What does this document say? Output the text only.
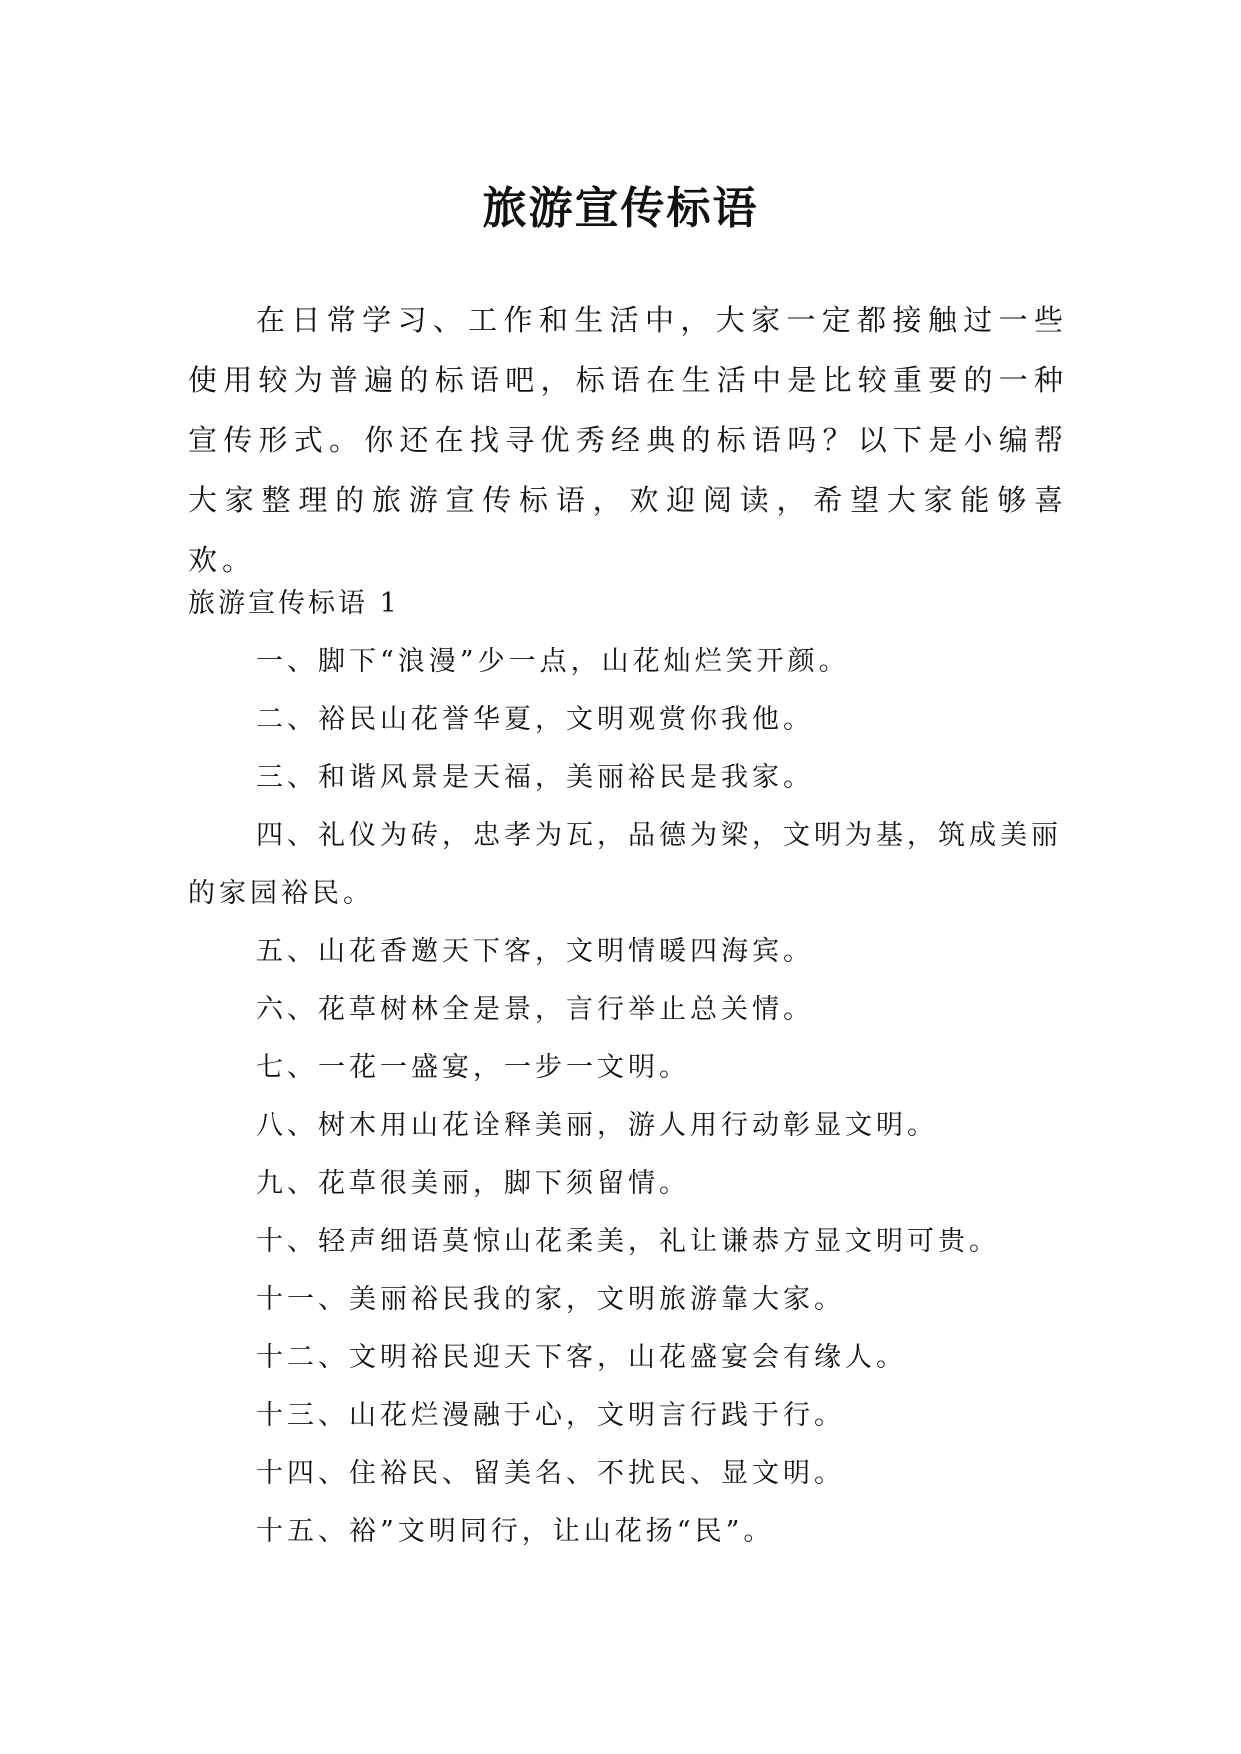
旅游宣传标语

在日常学习、工作和生活中，大家一定都接触过一些使用较为普遍的标语吧，标语在生活中是比较重要的一种宣传形式。你还在找寻优秀经典的标语吗？以下是小编帮大家整理的旅游宣传标语，欢迎阅读，希望大家能够喜欢。

旅游宣传标语 1

一、脚下“浪漫”少一点，山花灿烂笑开颜。
二、裕民山花誉华夏，文明观赏你我他。
三、和谐风景是天福，美丽裕民是我家。
四、礼仪为砖，忠孝为瓦，品德为梁，文明为基，筑成美丽的家园裕民。
五、山花香邀天下客，文明情暖四海宾。
六、花草树林全是景，言行举止总关情。
七、一花一盛宴，一步一文明。
八、树木用山花诠释美丽，游人用行动彰显文明。
九、花草很美丽，脚下须留情。
十、轻声细语莫惊山花柔美，礼让谦恭方显文明可贵。
十一、美丽裕民我的家，文明旅游靠大家。
十二、文明裕民迎天下客，山花盛宴会有缘人。
十三、山花烂漫融于心，文明言行践于行。
十四、住裕民、留美名、不扰民、显文明。
十五、裕”文明同行，让山花扬“民”。
